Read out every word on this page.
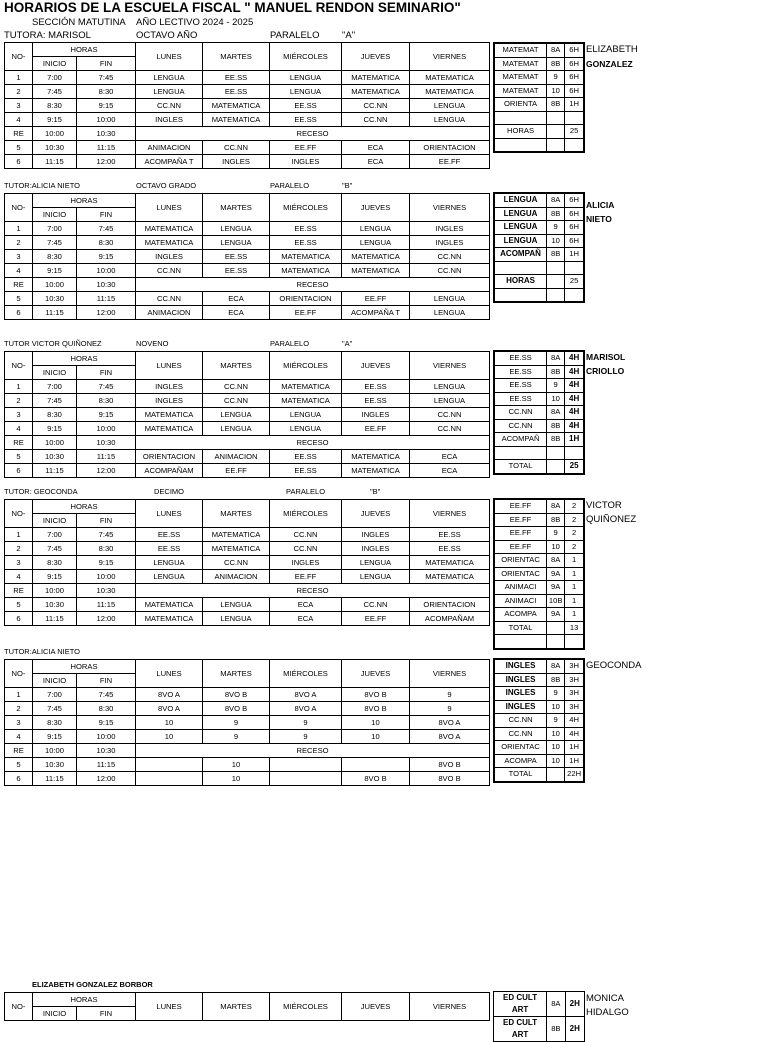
HORARIOS DE LA ESCUELA FISCAL " MANUEL RENDON SEMINARIO"
SECCIÓN MATUTINA AÑO LECTIVO 2024 - 2025
TUTORA: MARISOL	OCTAVO AÑO	PARALELO "A"
NO-	HORAS		LUNES	MARTES	MIÉRCOLES	JUEVES	VIERNES
	INICIO	FIN					
1	7:00	7:45	LENGUA	EE.SS	LENGUA	MATEMATICA	MATEMATICA
2	7:45	8:30	LENGUA	EE.SS	LENGUA	MATEMATICA	MATEMATICA
3	8:30	9:15	CC.NN	MATEMATICA	EE.SS	CC.NN	LENGUA
4	9:15	10:00	INGLES	MATEMATICA	EE.SS	CC.NN	LENGUA
RE	10:00	10:30	RECESO				
5	10:30	11:15	ANIMACION	CC.NN	EE.FF	ECA	ORIENTACION
6	11:15	12:00	ACOMPAÑA T	INGLES	INGLES	ECA	EE.FF
MATEMAT	8A	6H
MATEMAT	8B	6H
MATEMAT	9	6H
MATEMAT	10	6H
ORIENTA	8B	1H

HORAS		25

ELIZABETH
GONZALEZ
TUTOR:ALICIA NIETO	OCTAVO GRADO	PARALELO	"B"
NO-	HORAS		LUNES	MARTES	MIÉRCOLES	JUEVES	VIERNES
	INICIO	FIN					
1	7:00	7:45	MATEMATICA	LENGUA	EE.SS	LENGUA	INGLES
2	7:45	8:30	MATEMATICA	LENGUA	EE.SS	LENGUA	INGLES
3	8:30	9:15	INGLES	EE.SS	MATEMATICA	MATEMATICA	CC.NN
4	9:15	10:00	CC.NN	EE.SS	MATEMATICA	MATEMATICA	CC.NN
RE	10:00	10:30	RECESO				
5	10:30	11:15	CC.NN	ECA	ORIENTACION	EE.FF	LENGUA
6	11:15	12:00	ANIMACION	ECA	EE.FF	ACOMPAÑA T	LENGUA
LENGUA	8A	6H
LENGUA	8B	6H
LENGUA	9	6H
LENGUA	10	6H
ACOMPAÑ	8B	1H

HORAS		25

ALICIA
NIETO
TUTOR VICTOR QUIÑONEZ	NOVENO	PARALELO	"A"
NO-	HORAS		LUNES	MARTES	MIÉRCOLES	JUEVES	VIERNES
	INICIO	FIN					
1	7:00	7:45	INGLES	CC.NN	MATEMATICA	EE.SS	LENGUA
2	7:45	8:30	INGLES	CC.NN	MATEMATICA	EE.SS	LENGUA
3	8:30	9:15	MATEMATICA	LENGUA	LENGUA	INGLES	CC.NN
4	9:15	10:00	MATEMATICA	LENGUA	LENGUA	EE.FF	CC.NN
RE	10:00	10:30	RECESO				
5	10:30	11:15	ORIENTACION	ANIMACION	EE.SS	MATEMATICA	ECA
6	11:15	12:00	ACOMPAÑAM	EE.FF	EE.SS	MATEMATICA	ECA
EE.SS	8A	4H
EE.SS	8B	4H
EE.SS	9	4H
EE.SS	10	4H
CC.NN	8A	4H
CC.NN	8B	4H
ACOMPAÑ	8B	1H

TOTAL		25
MARISOL
CRIOLLO
TUTOR: GEOCONDA	DECIMO	PARALELO	"B"
NO-	HORAS		LUNES	MARTES	MIÉRCOLES	JUEVES	VIERNES
	INICIO	FIN					
1	7:00	7:45	EE.SS	MATEMATICA	CC.NN	INGLES	EE.SS
2	7:45	8:30	EE.SS	MATEMATICA	CC.NN	INGLES	EE.SS
3	8:30	9:15	LENGUA	CC.NN	INGLES	LENGUA	MATEMATICA
4	9:15	10:00	LENGUA	ANIMACION	EE.FF	LENGUA	MATEMATICA
RE	10:00	10:30	RECESO				
5	10:30	11:15	MATEMATICA	LENGUA	ECA	CC.NN	ORIENTACION
6	11:15	12:00	MATEMATICA	LENGUA	ECA	EE.FF	ACOMPAÑAM
EE.FF	8A	2
EE.FF	8B	2
EE.FF	9	2
EE.FF	10	2
ORIENTAC	8A	1
ORIENTAC	9A	1
ANIMACI	9A	1
ANIMACI	10B	1
ACOMPA	9A	1
TOTAL		13

VICTOR
QUIÑONEZ
TUTOR:ALICIA NIETO
NO-	HORAS		LUNES	MARTES	MIÉRCOLES	JUEVES	VIERNES
	INICIO	FIN					
1	7:00	7:45	8VO A	8VO B	8VO A	8VO B	9
2	7:45	8:30	8VO A	8VO B	8VO A	8VO B	9
3	8:30	9:15	10	9	9	10	8VO A
4	9:15	10:00	10	9	9	10	8VO A
RE	10:00	10:30	RECESO				
5	10:30	11:15		10			8VO B
6	11:15	12:00		10		8VO B	8VO B
INGLES	8A	3H
INGLES	8B	3H
INGLES	9	3H
INGLES	10	3H
CC.NN	9	4H
CC.NN	10	4H
ORIENTAC	10	1H
ACOMPA	10	1H
TOTAL		22H
GEOCONDA
ELIZABETH GONZALEZ BORBOR
NO-	HORAS		LUNES	MARTES	MIÉRCOLES	JUEVES	VIERNES
	INICIO	FIN					
ED CULT ART	8A	2H
ED CULT ART	8B	2H
MONICA
HIDALGO
